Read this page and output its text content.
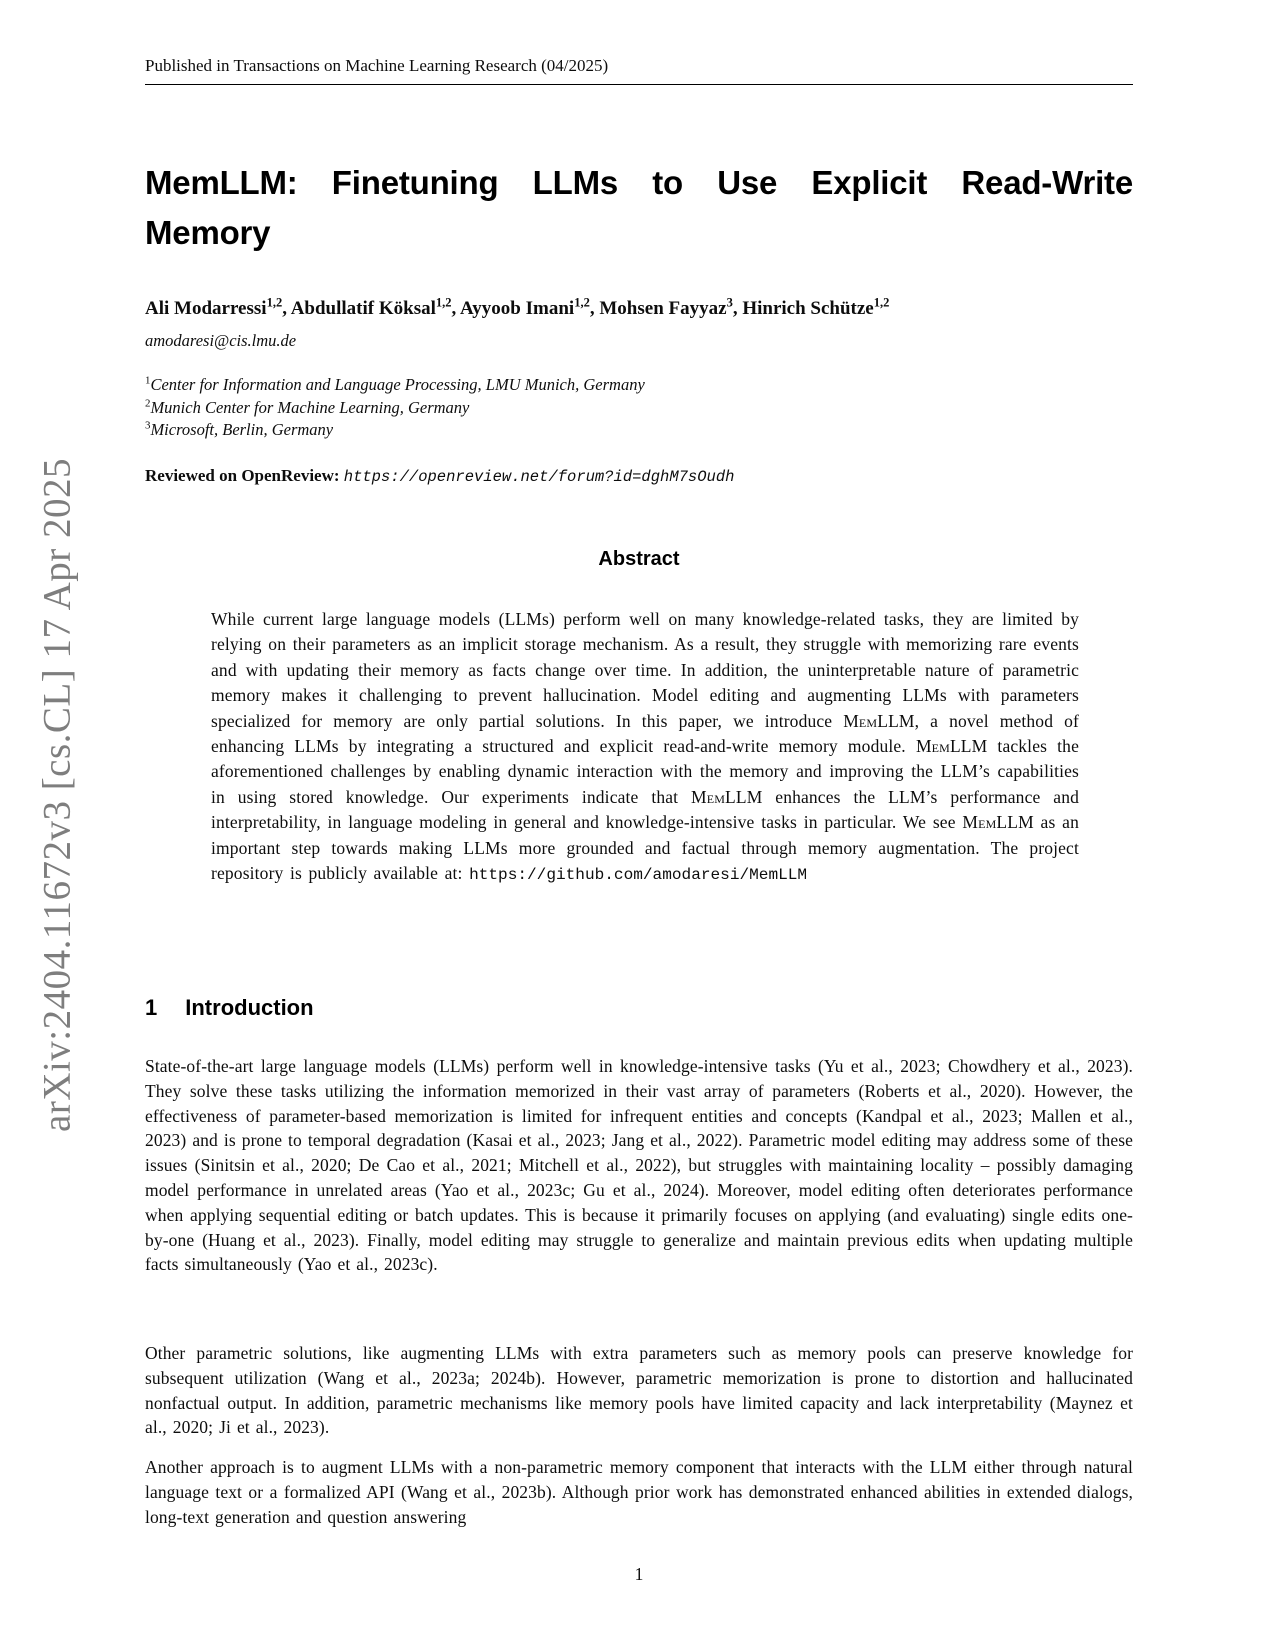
arXiv:2404.11672v3 [cs.CL] 17 Apr 2025
Published in Transactions on Machine Learning Research (04/2025)
MemLLM: Finetuning LLMs to Use Explicit Read-Write
Memory
Ali Modarressi$^{1,2}$, Abdullatif Köksal$^{1,2}$, Ayyoob Imani$^{1,2}$, Mohsen Fayyaz$^3$, Hinrich Schütze$^{1,2}$
amodaresi@cis.lmu.de
$^1$Center for Information and Language Processing, LMU Munich, Germany
$^2$Munich Center for Machine Learning, Germany
$^3$Microsoft, Berlin, Germany
Reviewed on OpenReview: https://openreview.net/forum?id=dghM7sOudh
Abstract
While current large language models (LLMs) perform well on many knowledge-related tasks, they are limited by relying on their parameters as an implicit storage mechanism. As a result, they struggle with memorizing rare events and with updating their memory as facts change over time. In addition, the uninterpretable nature of parametric memory makes it challenging to prevent hallucination. Model editing and augmenting LLMs with parameters specialized for memory are only partial solutions. In this paper, we introduce MemLLM, a novel method of enhancing LLMs by integrating a structured and explicit read-and-write memory module. MemLLM tackles the aforementioned challenges by enabling dynamic interaction with the memory and improving the LLM’s capabilities in using stored knowledge. Our experiments indicate that MemLLM enhances the LLM’s performance and interpretability, in language modeling in general and knowledge-intensive tasks in particular. We see MemLLM as an important step towards making LLMs more grounded and factual through memory augmentation. The project repository is publicly available at: https://github.com/amodaresi/MemLLM
1 Introduction

State-of-the-art large language models (LLMs) perform well in knowledge-intensive tasks (Yu et al., 2023; Chowdhery et al., 2023). They solve these tasks utilizing the information memorized in their vast array of parameters (Roberts et al., 2020). However, the effectiveness of parameter-based memorization is limited for infrequent entities and concepts (Kandpal et al., 2023; Mallen et al., 2023) and is prone to temporal degradation (Kasai et al., 2023; Jang et al., 2022). Parametric model editing may address some of these issues (Sinitsin et al., 2020; De Cao et al., 2021; Mitchell et al., 2022), but struggles with maintaining locality – possibly damaging model performance in unrelated areas (Yao et al., 2023c; Gu et al., 2024). Moreover, model editing often deteriorates performance when applying sequential editing or batch updates. This is because it primarily focuses on applying (and evaluating) single edits one-by-one (Huang et al., 2023). Finally, model editing may struggle to generalize and maintain previous edits when updating multiple facts simultaneously (Yao et al., 2023c).

Other parametric solutions, like augmenting LLMs with extra parameters such as memory pools can preserve knowledge for subsequent utilization (Wang et al., 2023a; 2024b). However, parametric memorization is prone to distortion and hallucinated nonfactual output. In addition, parametric mechanisms like memory pools have limited capacity and lack interpretability (Maynez et al., 2020; Ji et al., 2023).

Another approach is to augment LLMs with a non-parametric memory component that interacts with the LLM either through natural language text or a formalized API (Wang et al., 2023b). Although prior work has demonstrated enhanced abilities in extended dialogs, long-text generation and question answering

1
